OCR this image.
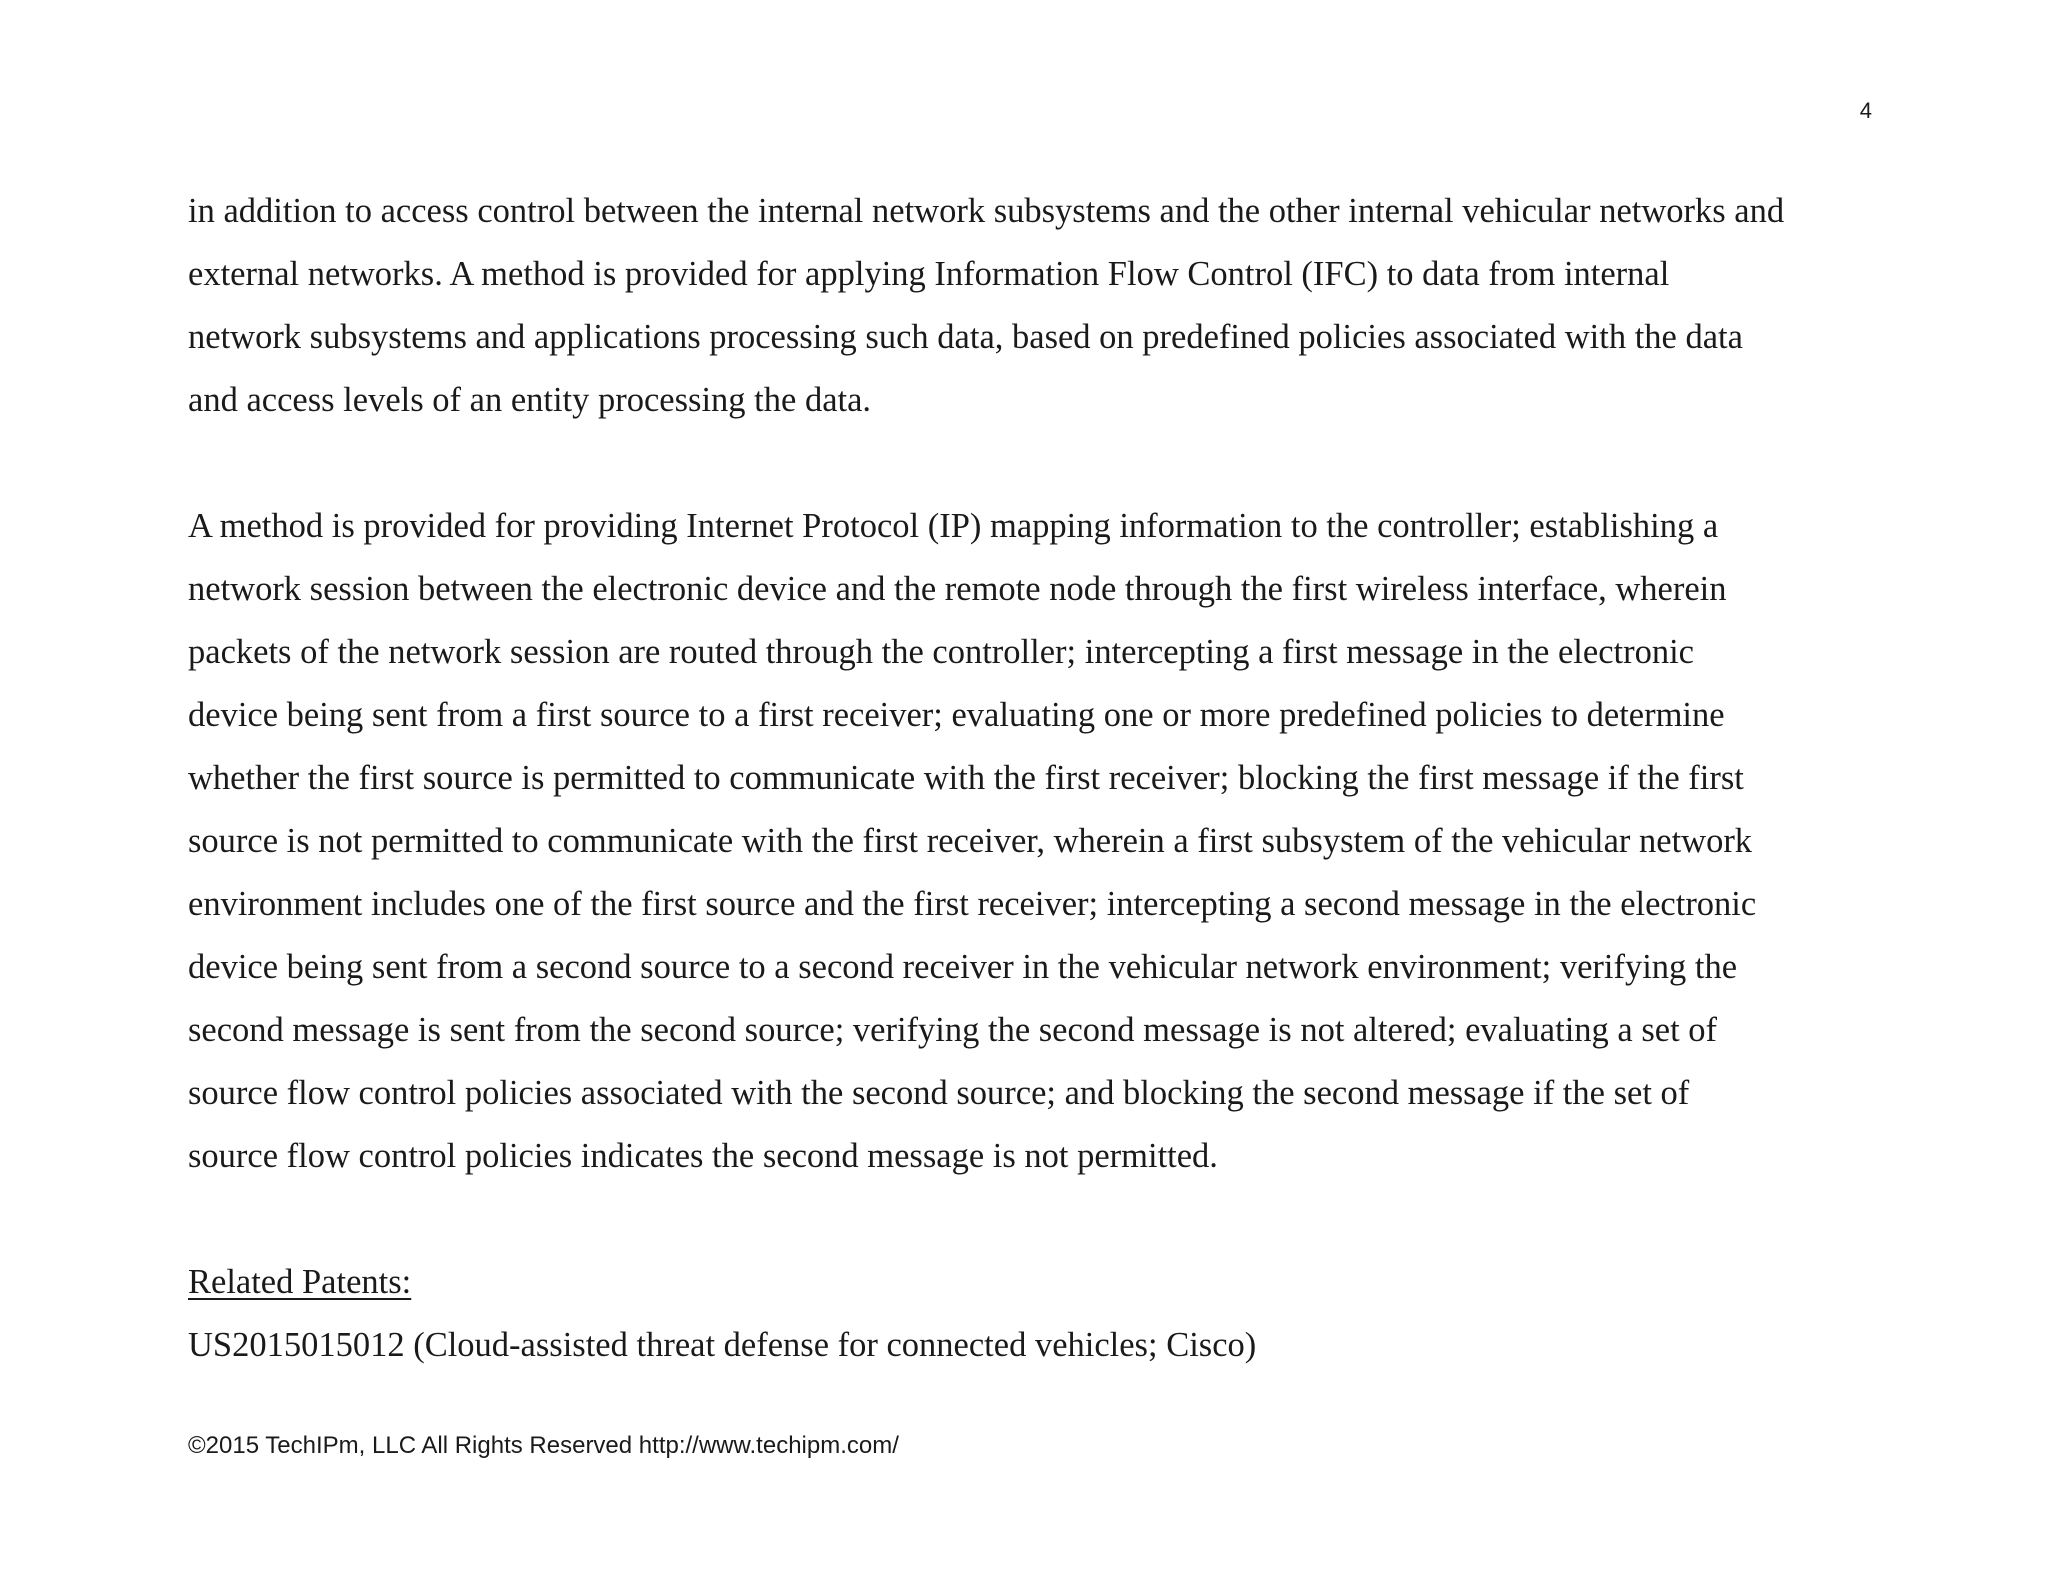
4

in addition to access control between the internal network subsystems and the other internal vehicular networks and
external networks. A method is provided for applying Information Flow Control (IFC) to data from internal
network subsystems and applications processing such data, based on predefined policies associated with the data
and access levels of an entity processing the data.

A method is provided for providing Internet Protocol (IP) mapping information to the controller; establishing a
network session between the electronic device and the remote node through the first wireless interface, wherein
packets of the network session are routed through the controller; intercepting a first message in the electronic
device being sent from a first source to a first receiver; evaluating one or more predefined policies to determine
whether the first source is permitted to communicate with the first receiver; blocking the first message if the first
source is not permitted to communicate with the first receiver, wherein a first subsystem of the vehicular network
environment includes one of the first source and the first receiver; intercepting a second message in the electronic
device being sent from a second source to a second receiver in the vehicular network environment; verifying the
second message is sent from the second source; verifying the second message is not altered; evaluating a set of
source flow control policies associated with the second source; and blocking the second message if the set of
source flow control policies indicates the second message is not permitted.

Related Patents:
US2015015012 (Cloud-assisted threat defense for connected vehicles; Cisco)
©2015 TechIPm, LLC All Rights Reserved http://www.techipm.com/
